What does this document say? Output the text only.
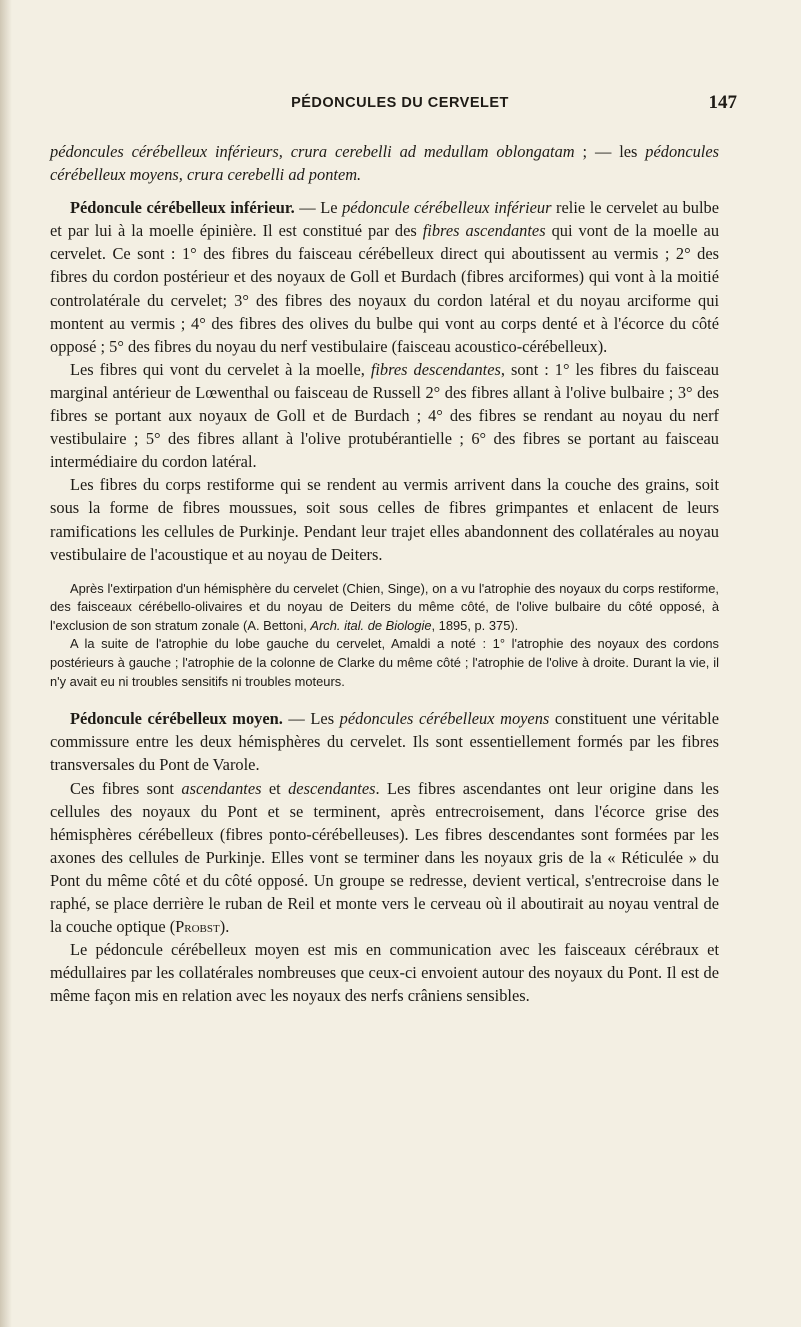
PÉDONCULES DU CERVELET	147

pédoncules cérébelleux inférieurs, crura cerebelli ad medullam oblongatam ; — les pédoncules cérébelleux moyens, crura cerebelli ad pontem.

Pédoncule cérébelleux inférieur. — Le pédoncule cérébelleux inférieur relie le cervelet au bulbe et par lui à la moelle épinière. Il est constitué par des fibres ascendantes qui vont de la moelle au cervelet. Ce sont : 1° des fibres du faisceau cérébelleux direct qui aboutissent au vermis ; 2° des fibres du cordon postérieur et des noyaux de Goll et Burdach (fibres arciformes) qui vont à la moitié controlatérale du cervelet; 3° des fibres des noyaux du cordon latéral et du noyau arciforme qui montent au vermis ; 4° des fibres des olives du bulbe qui vont au corps denté et à l'écorce du côté opposé ; 5° des fibres du noyau du nerf vestibulaire (faisceau acoustico-cérébelleux).

Les fibres qui vont du cervelet à la moelle, fibres descendantes, sont : 1° les fibres du faisceau marginal antérieur de Lœwenthal ou faisceau de Russell 2° des fibres allant à l'olive bulbaire ; 3° des fibres se portant aux noyaux de Goll et de Burdach ; 4° des fibres se rendant au noyau du nerf vestibulaire ; 5° des fibres allant à l'olive protubérantielle ; 6° des fibres se portant au faisceau intermédiaire du cordon latéral.

Les fibres du corps restiforme qui se rendent au vermis arrivent dans la couche des grains, soit sous la forme de fibres moussues, soit sous celles de fibres grimpantes et enlacent de leurs ramifications les cellules de Purkinje. Pendant leur trajet elles abandonnent des collatérales au noyau vestibulaire de l'acoustique et au noyau de Deiters.

Après l'extirpation d'un hémisphère du cervelet (Chien, Singe), on a vu l'atrophie des noyaux du corps restiforme, des faisceaux cérébello-olivaires et du noyau de Deiters du même côté, de l'olive bulbaire du côté opposé, à l'exclusion de son stratum zonale (A. Bettoni, Arch. ital. de Biologie, 1895, p. 375).

A la suite de l'atrophie du lobe gauche du cervelet, Amaldi a noté : 1° l'atrophie des noyaux des cordons postérieurs à gauche ; l'atrophie de la colonne de Clarke du même côté ; l'atrophie de l'olive à droite. Durant la vie, il n'y avait eu ni troubles sensitifs ni troubles moteurs.

Pédoncule cérébelleux moyen. — Les pédoncules cérébelleux moyens constituent une véritable commissure entre les deux hémisphères du cervelet. Ils sont essentiellement formés par les fibres transversales du Pont de Varole.

Ces fibres sont ascendantes et descendantes. Les fibres ascendantes ont leur origine dans les cellules des noyaux du Pont et se terminent, après entrecroisement, dans l'écorce grise des hémisphères cérébelleux (fibres ponto-cérébelleuses). Les fibres descendantes sont formées par les axones des cellules de Purkinje. Elles vont se terminer dans les noyaux gris de la « Réticulée » du Pont du même côté et du côté opposé. Un groupe se redresse, devient vertical, s'entrecroise dans le raphé, se place derrière le ruban de Reil et monte vers le cerveau où il aboutirait au noyau ventral de la couche optique (Probst).

Le pédoncule cérébelleux moyen est mis en communication avec les faisceaux cérébraux et médullaires par les collatérales nombreuses que ceux-ci envoient autour des noyaux du Pont. Il est de même façon mis en relation avec les noyaux des nerfs crâniens sensibles.
